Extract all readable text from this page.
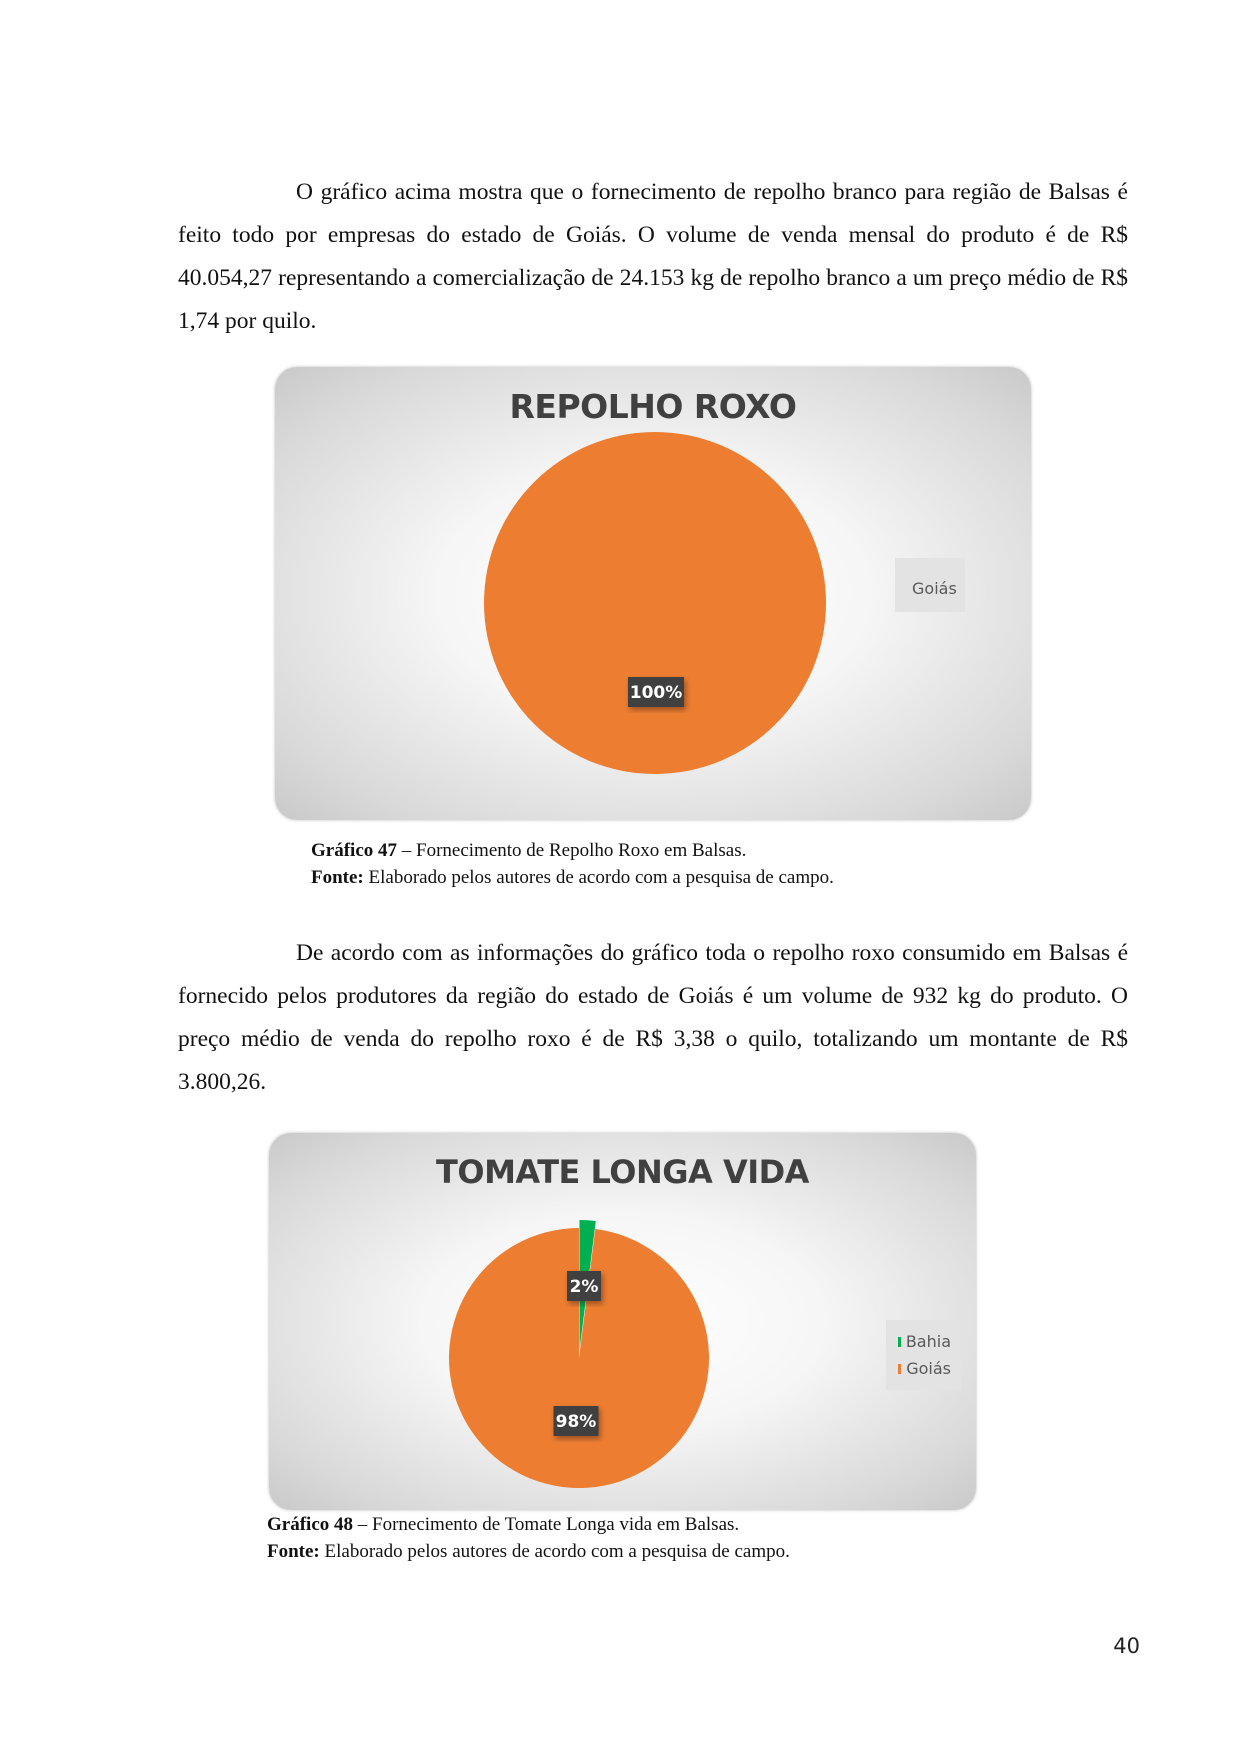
O gráfico acima mostra que o fornecimento de repolho branco para região de Balsas é feito todo por empresas do estado de Goiás. O volume de venda mensal do produto é de R$ 40.054,27 representando a comercialização de 24.153 kg de repolho branco a um preço médio de R$ 1,74 por quilo.

REPOLHO ROXO
100%
Goiás

Gráfico 47 – Fornecimento de Repolho Roxo em Balsas.
Fonte: Elaborado pelos autores de acordo com a pesquisa de campo.

De acordo com as informações do gráfico toda o repolho roxo consumido em Balsas é fornecido pelos produtores da região do estado de Goiás é um volume de 932 kg do produto. O preço médio de venda do repolho roxo é de R$ 3,38 o quilo, totalizando um montante de R$ 3.800,26.

TOMATE LONGA VIDA
2%
98%
Bahia
Goiás

Gráfico 48 – Fornecimento de Tomate Longa vida em Balsas.
Fonte: Elaborado pelos autores de acordo com a pesquisa de campo.

40
